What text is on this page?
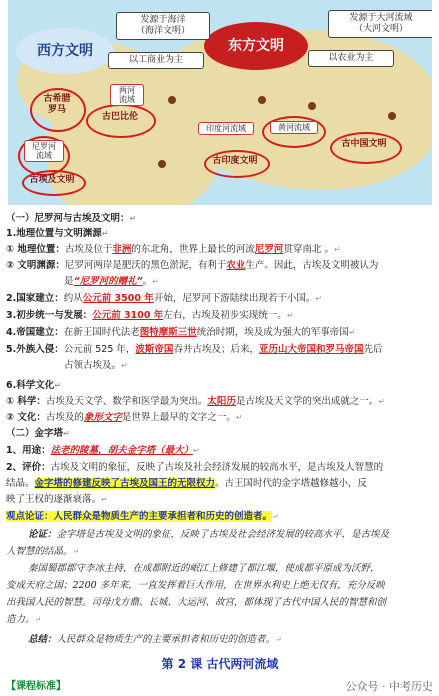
西方文明	东方文明
发源于海洋
（海洋文明）
发源于大河流域
（大河文明）
以工商业为主	以农业为主
古希腊
罗马
古巴比伦
两河
流域
尼罗河
流域
古埃及文明
印度河流域
古印度文明
黄河流域
古中国文明
（一）尼罗河与古埃及文明：↵
1.地理位置与文明渊源↵
① 地理位置：古埃及位于非洲的东北角，世界上最长的河流尼罗河贯穿南北 。↵
② 文明渊源：尼罗河两岸是肥沃的黑色淤泥，有利于农业生产。因此，古埃及文明被认为
是“尼罗河的赠礼”。↵
2.国家建立：约从公元前 3500 年开始，尼罗河下游陆续出现若干小国。↵
3.初步统一与发展：公元前 3100 年左右，古埃及初步实现统一。↵
4.帝国建立：在新王国时代法老图特摩斯三世统治时期，埃及成为强大的军事帝国↵
5.外族入侵：公元前 525 年，波斯帝国吞并古埃及；后来，亚历山大帝国和罗马帝国先后
占领古埃及。↵
6.科学文化↵
① 科学：古埃及天文学、数学和医学最为突出。太阳历是古埃及天文学的突出成就之一。↵
② 文化：古埃及的象形文字是世界上最早的文字之一。↵
（二）金字塔↵
1、用途：法老的陵墓，胡夫金字塔（最大）↵
2、评价：古埃及文明的象征，反映了古埃及社会经济发展的较高水平，是古埃及人智慧的
结晶。金字塔的修建反映了古埃及国王的无限权力。古王国时代的金字塔越修越小，反
映了王权的逐渐衰落。↵
观点论证：人民群众是物质生产的主要承担者和历史的创造者。↵
论证：金字塔是古埃及文明的象征，反映了古埃及社会经济发展的较高水平，是古埃及
人智慧的结晶。↵
秦国蜀郡郡守李冰主持，在成都附近的岷江上修建了都江堰，使成都平原成为沃野，
变成天府之国；2200 多年来，一直发挥着巨大作用，在世界水利史上绝无仅有，充分反映
出我国人民的智慧。司母戊方鼎、长城、大运河、故宫，都体现了古代中国人民的智慧和创
造力。↵
总结：人民群众是物质生产的主要承担者和历史的创造者。↵
第 2 课 古代两河流域
【课程标准】	公众号 · 中考历史
